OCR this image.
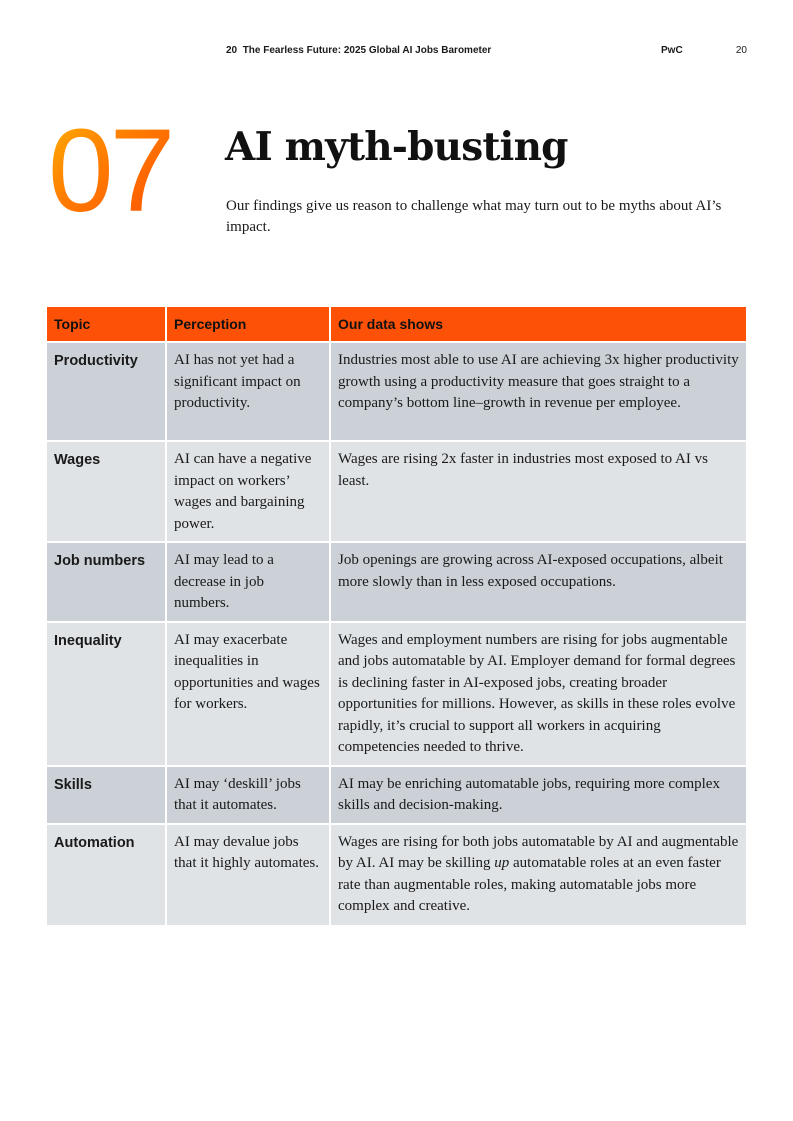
20 The Fearless Future: 2025 Global AI Jobs Barometer	PwC	20
07 AI myth-busting

Our findings give us reason to challenge what may turn out to be myths about AI’s impact.

Topic	Perception	Our data shows
Productivity	AI has not yet had a significant impact on productivity.	Industries most able to use AI are achieving 3x higher productivity growth using a productivity measure that goes straight to a company’s bottom line–growth in revenue per employee.
Wages	AI can have a negative impact on workers’ wages and bargaining power.	Wages are rising 2x faster in industries most exposed to AI vs least.
Job numbers	AI may lead to a decrease in job numbers.	Job openings are growing across AI-exposed occupations, albeit more slowly than in less exposed occupations.
Inequality	AI may exacerbate inequalities in opportunities and wages for workers.	Wages and employment numbers are rising for jobs augmentable and jobs automatable by AI. Employer demand for formal degrees is declining faster in AI-exposed jobs, creating broader opportunities for millions. However, as skills in these roles evolve rapidly, it’s crucial to support all workers in acquiring competencies needed to thrive.
Skills	AI may ‘deskill’ jobs that it automates.	AI may be enriching automatable jobs, requiring more complex skills and decision-making.
Automation	AI may devalue jobs that it highly automates.	Wages are rising for both jobs automatable by AI and augmentable by AI. AI may be skilling up automatable roles at an even faster rate than augmentable roles, making automatable jobs more complex and creative.
